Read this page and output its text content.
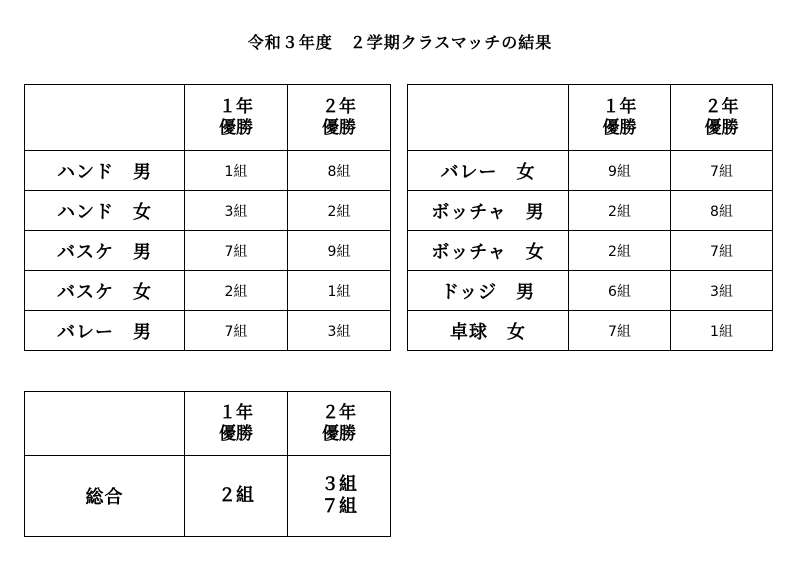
令和３年度　２学期クラスマッチの結果

	１年
優勝	２年
優勝

ハンド　男	1組	8組
ハンド　女	3組	2組
バスケ　男	7組	9組
バスケ　女	2組	1組
バレー　男	7組	3組

	１年
優勝	２年
優勝

バレー　女	9組	7組
ボッチャ　男	2組	8組
ボッチャ　女	2組	7組
ドッジ　男	6組	3組
卓球　女	7組	1組

	１年
優勝	２年
優勝

総合	２組	３組
７組
